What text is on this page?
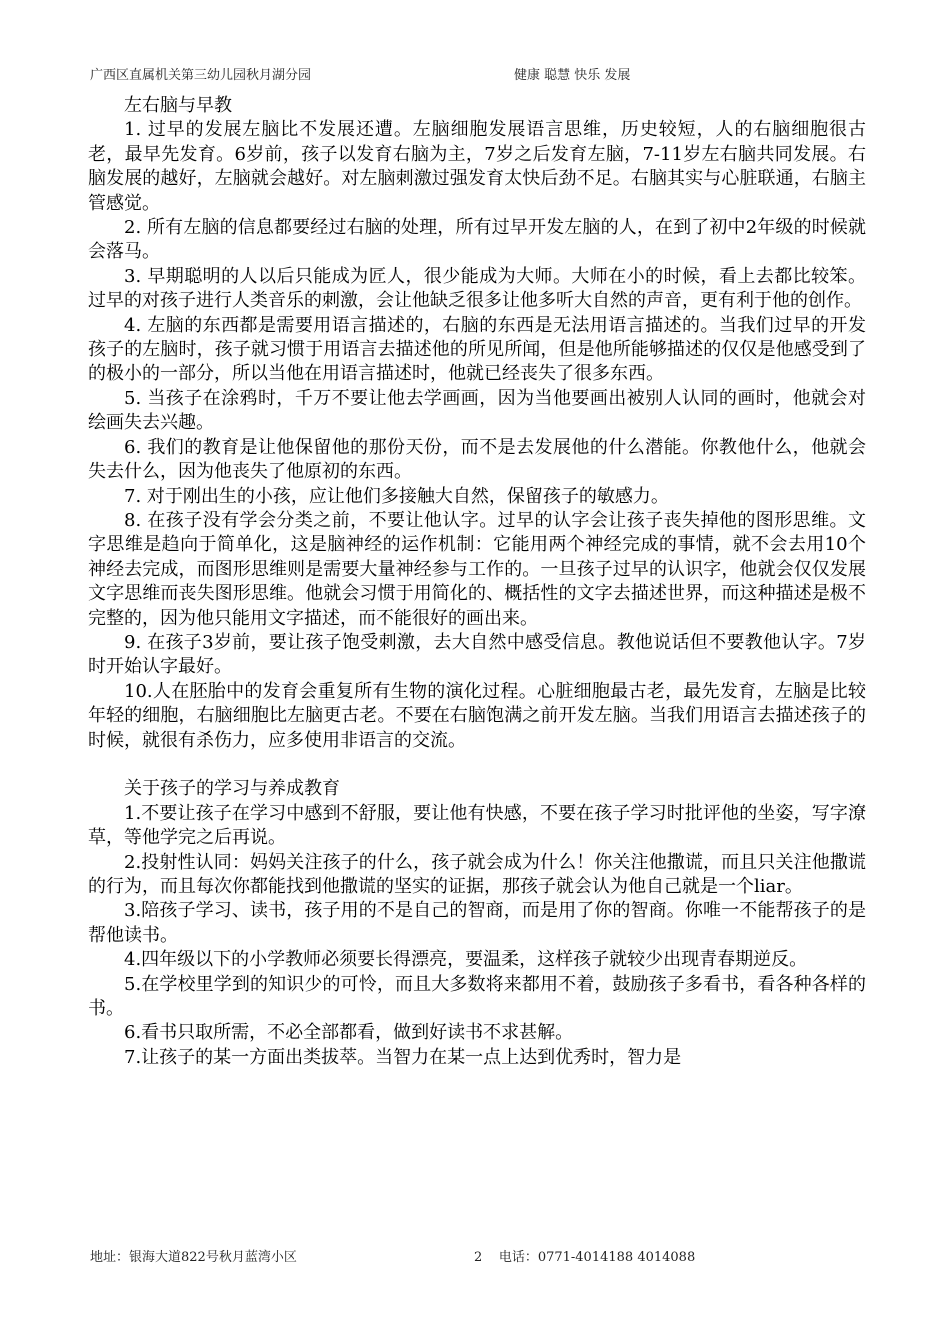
广西区直属机关第三幼儿园秋月湖分园	健康 聪慧 快乐 发展

左右脑与早教

1. 过早的发展左脑比不发展还遭。左脑细胞发展语言思维，历史较短，人的右脑细胞很古老，最早先发育。6岁前，孩子以发育右脑为主，7岁之后发育左脑，7-11岁左右脑共同发展。右脑发展的越好，左脑就会越好。对左脑刺激过强发育太快后劲不足。右脑其实与心脏联通，右脑主管感觉。

2. 所有左脑的信息都要经过右脑的处理，所有过早开发左脑的人，在到了初中2年级的时候就会落马。

3. 早期聪明的人以后只能成为匠人，很少能成为大师。大师在小的时候，看上去都比较笨。过早的对孩子进行人类音乐的刺激，会让他缺乏很多让他多听大自然的声音，更有利于他的创作。

4. 左脑的东西都是需要用语言描述的，右脑的东西是无法用语言描述的。当我们过早的开发孩子的左脑时，孩子就习惯于用语言去描述他的所见所闻，但是他所能够描述的仅仅是他感受到了的极小的一部分，所以当他在用语言描述时，他就已经丧失了很多东西。

5. 当孩子在涂鸦时，千万不要让他去学画画，因为当他要画出被别人认同的画时，他就会对绘画失去兴趣。

6. 我们的教育是让他保留他的那份天份，而不是去发展他的什么潜能。你教他什么，他就会失去什么，因为他丧失了他原初的东西。

7. 对于刚出生的小孩，应让他们多接触大自然，保留孩子的敏感力。

8. 在孩子没有学会分类之前，不要让他认字。过早的认字会让孩子丧失掉他的图形思维。文字思维是趋向于简单化，这是脑神经的运作机制：它能用两个神经完成的事情，就不会去用10个神经去完成，而图形思维则是需要大量神经参与工作的。一旦孩子过早的认识字，他就会仅仅发展文字思维而丧失图形思维。他就会习惯于用简化的、概括性的文字去描述世界，而这种描述是极不完整的，因为他只能用文字描述，而不能很好的画出来。

9. 在孩子3岁前，要让孩子饱受刺激，去大自然中感受信息。教他说话但不要教他认字。7岁时开始认字最好。

10.人在胚胎中的发育会重复所有生物的演化过程。心脏细胞最古老，最先发育，左脑是比较年轻的细胞，右脑细胞比左脑更古老。不要在右脑饱满之前开发左脑。当我们用语言去描述孩子的时候，就很有杀伤力，应多使用非语言的交流。

关于孩子的学习与养成教育

1.不要让孩子在学习中感到不舒服，要让他有快感，不要在孩子学习时批评他的坐姿，写字潦草，等他学完之后再说。

2.投射性认同：妈妈关注孩子的什么，孩子就会成为什么！你关注他撒谎，而且只关注他撒谎的行为，而且每次你都能找到他撒谎的坚实的证据，那孩子就会认为他自己就是一个liar。

3.陪孩子学习、读书，孩子用的不是自己的智商，而是用了你的智商。你唯一不能帮孩子的是帮他读书。

4.四年级以下的小学教师必须要长得漂亮，要温柔，这样孩子就较少出现青春期逆反。

5.在学校里学到的知识少的可怜，而且大多数将来都用不着，鼓励孩子多看书，看各种各样的书。

6.看书只取所需，不必全部都看，做到好读书不求甚解。

7.让孩子的某一方面出类拔萃。当智力在某一点上达到优秀时，智力是

地址：银海大道822号秋月蓝湾小区	2 电话：0771-4014188 4014088
